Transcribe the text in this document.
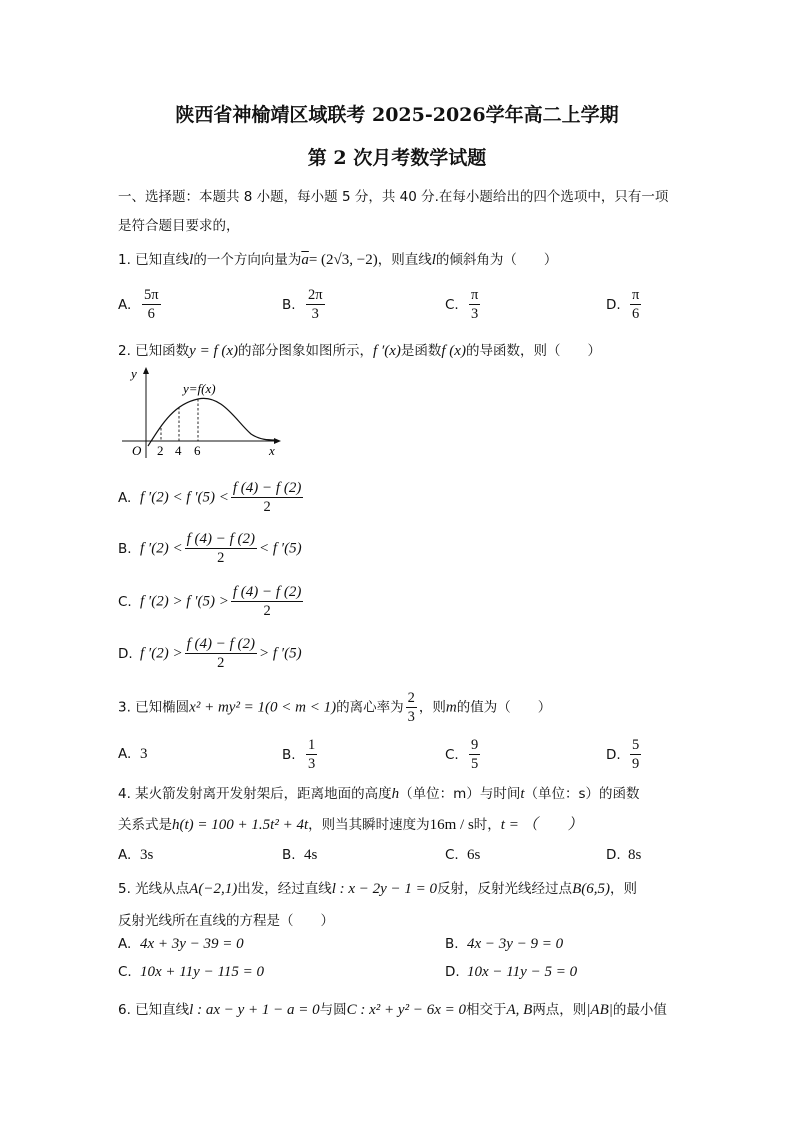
陕西省神榆靖区域联考 2025-2026学年高二上学期
第 2 次月考数学试题
一、选择题：本题共 8 小题，每小题 5 分，共 40 分.在每小题给出的四个选项中，只有一项
是符合题目要求的，
1. 已知直线l的一个方向向量为$\overline{a}= (2√3$, −2)，则直线l的倾斜角为（　　）
A. $\frac{5\pi}{6}$	B. $\frac{2\pi}{3}$	C. $\frac{\pi}{3}$	D. $\frac{\pi}{6}$
2. 已知函数y = f (x)的部分图象如图所示，f ′(x)是函数f (x)的导函数，则（　　）
y
x
O
y=f(x)
2 4 6
A. f ′(2) < f $'(5) < \frac{f (4) - f (2)}{2}$
B. f $'(2) < \frac{f (4) - f (2)}{2} < f$ ′(5)
C. f ′(2) > f $'(5) > \frac{f (4) - f (2)}{2}$
D. f $'(2) > \frac{f (4) - f (2)}{2} > f$ ′(5)
3. 已知椭圆x² + my² = 1(0 < m < 1)的离心率为 $\frac{2}{3}$ ，则m的值为（　　）
A. 3	B. $\frac{1}{3}$	C. $\frac{9}{5}$	D. $\frac{5}{9}$
4. 某火箭发射离开发射架后，距离地面的高度h（单位：m）与时间t（单位：s）的函数
关系式是h(t) = 100 + 1.5t² + 4t，则当其瞬时速度为16m / s时，t = （　　）
A. 3s	B. 4s	C. 6s	D. 8s
5. 光线从点A(−2,1)出发，经过直线l : x − 2y − 1 = 0反射，反射光线经过点B(6,5)，则
反射光线所在直线的方程是（　　）
A. 4x + 3y − 39 = 0	B. 4x − 3y − 9 = 0
C. 10x + 11y − 115 = 0	D. 10x − 11y − 5 = 0
6. 已知直线l : ax − y + 1 − a = 0与圆C : x² + y² − 6x = 0相交于A, B两点，则|AB|的最小值
